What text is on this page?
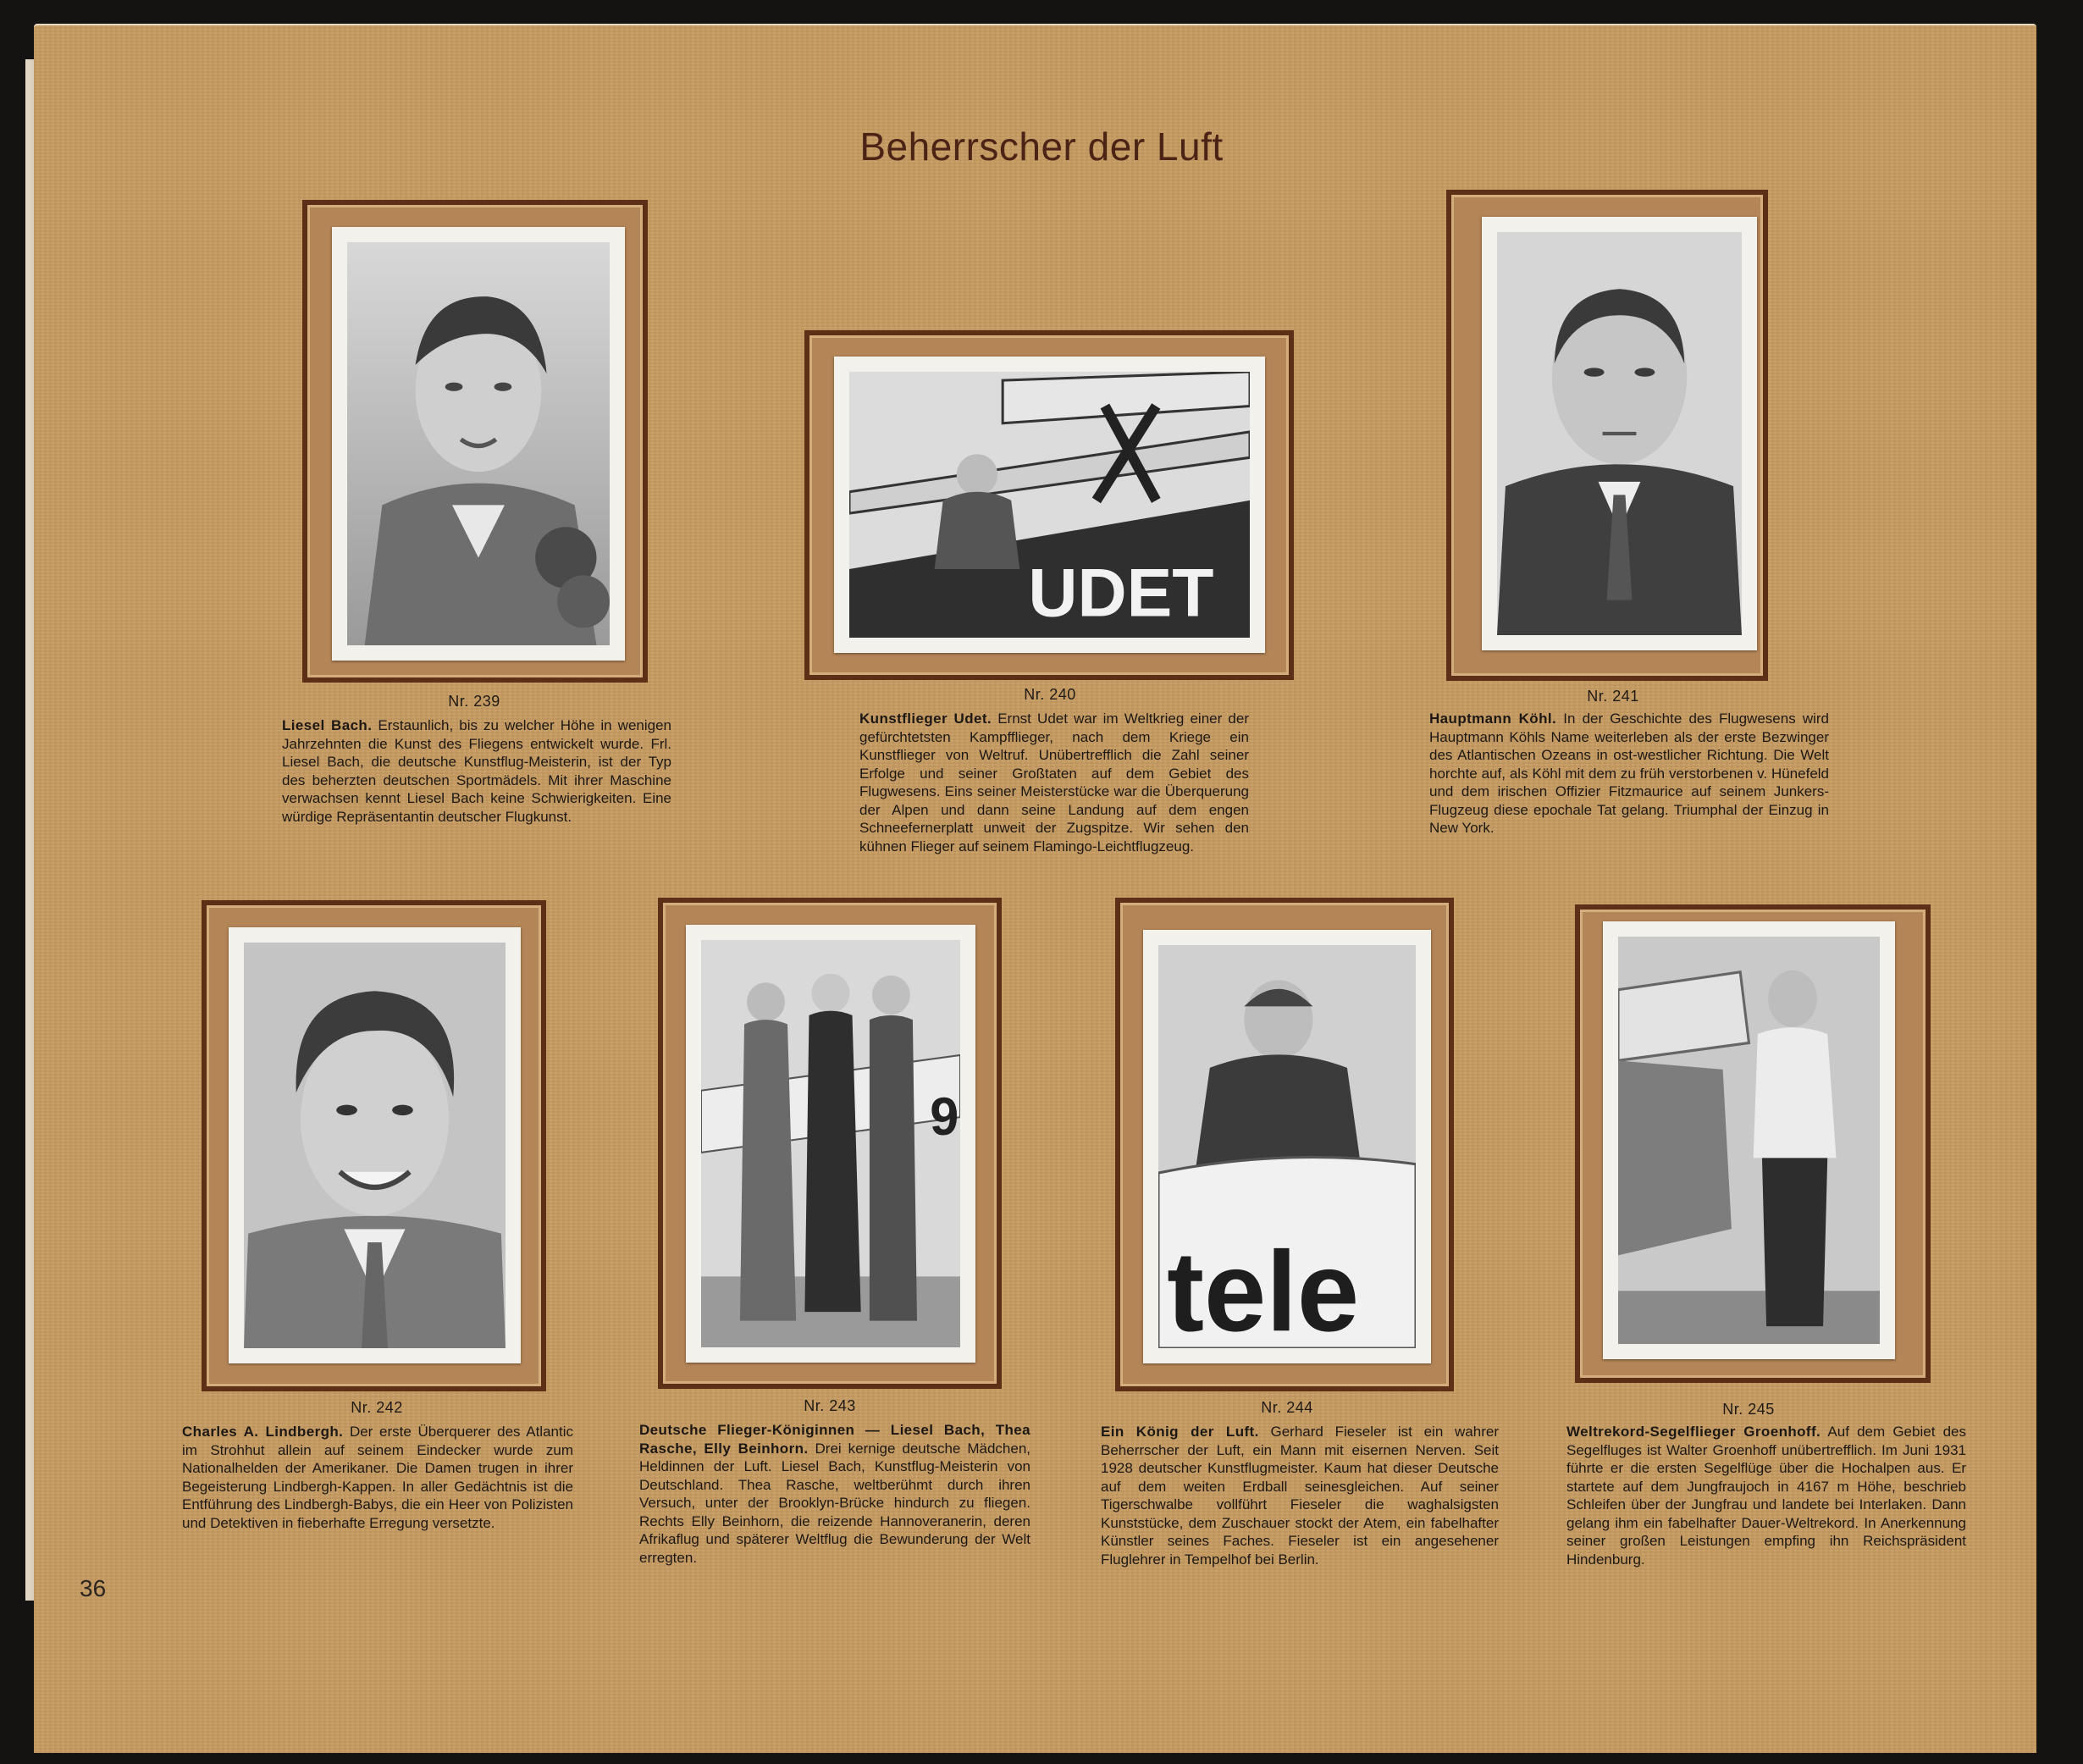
Beherrscher der Luft
Nr. 239
Liesel Bach. Erstaunlich, bis zu welcher Höhe in wenigen Jahrzehnten die Kunst des Fliegens entwickelt wurde. Frl. Liesel Bach, die deutsche Kunstflug-Meisterin, ist der Typ des beherzten deutschen Sportmädels. Mit ihrer Maschine verwachsen kennt Liesel Bach keine Schwierigkeiten. Eine würdige Repräsentantin deutscher Flugkunst.
UDET
Nr. 240
Kunstflieger Udet. Ernst Udet war im Weltkrieg einer der gefürchtetsten Kampfflieger, nach dem Kriege ein Kunstflieger von Weltruf. Unübertrefflich die Zahl seiner Erfolge und seiner Großtaten auf dem Gebiet des Flugwesens. Eins seiner Meisterstücke war die Überquerung der Alpen und dann seine Landung auf dem engen Schneefernerplatt unweit der Zugspitze. Wir sehen den kühnen Flieger auf seinem Flamingo-Leichtflugzeug.
Nr. 241
Hauptmann Köhl. In der Geschichte des Flugwesens wird Hauptmann Köhls Name weiterleben als der erste Bezwinger des Atlantischen Ozeans in ost-westlicher Richtung. Die Welt horchte auf, als Köhl mit dem zu früh verstorbenen v. Hünefeld und dem irischen Offizier Fitzmaurice auf seinem Junkers-Flugzeug diese epochale Tat gelang. Triumphal der Einzug in New York.
Nr. 242
Charles A. Lindbergh. Der erste Überquerer des Atlantic im Strohhut allein auf seinem Eindecker wurde zum Nationalhelden der Amerikaner. Die Damen trugen in ihrer Begeisterung Lindbergh-Kappen. In aller Gedächtnis ist die Entführung des Lindbergh-Babys, die ein Heer von Polizisten und Detektiven in fieberhafte Erregung versetzte.
9
Nr. 243
Deutsche Flieger-Königinnen — Liesel Bach, Thea Rasche, Elly Beinhorn. Drei kernige deutsche Mädchen, Heldinnen der Luft. Liesel Bach, Kunstflug-Meisterin von Deutschland. Thea Rasche, weltberühmt durch ihren Versuch, unter der Brooklyn-Brücke hindurch zu fliegen. Rechts Elly Beinhorn, die reizende Hannoveranerin, deren Afrikaflug und späterer Weltflug die Bewunderung der Welt erregten.
tele
Nr. 244
Ein König der Luft. Gerhard Fieseler ist ein wahrer Beherrscher der Luft, ein Mann mit eisernen Nerven. Seit 1928 deutscher Kunstflugmeister. Kaum hat dieser Deutsche auf dem weiten Erdball seinesgleichen. Auf seiner Tigerschwalbe vollführt Fieseler die waghalsigsten Kunststücke, dem Zuschauer stockt der Atem, ein fabelhafter Künstler seines Faches. Fieseler ist ein angesehener Fluglehrer in Tempelhof bei Berlin.
Nr. 245
Weltrekord-Segelflieger Groenhoff. Auf dem Gebiet des Segelfluges ist Walter Groenhoff unübertrefflich. Im Juni 1931 führte er die ersten Segelflüge über die Hochalpen aus. Er startete auf dem Jungfraujoch in 4167 m Höhe, beschrieb Schleifen über der Jungfrau und landete bei Interlaken. Dann gelang ihm ein fabelhafter Dauer-Weltrekord. In Anerkennung seiner großen Leistungen empfing ihn Reichspräsident Hindenburg.
36
